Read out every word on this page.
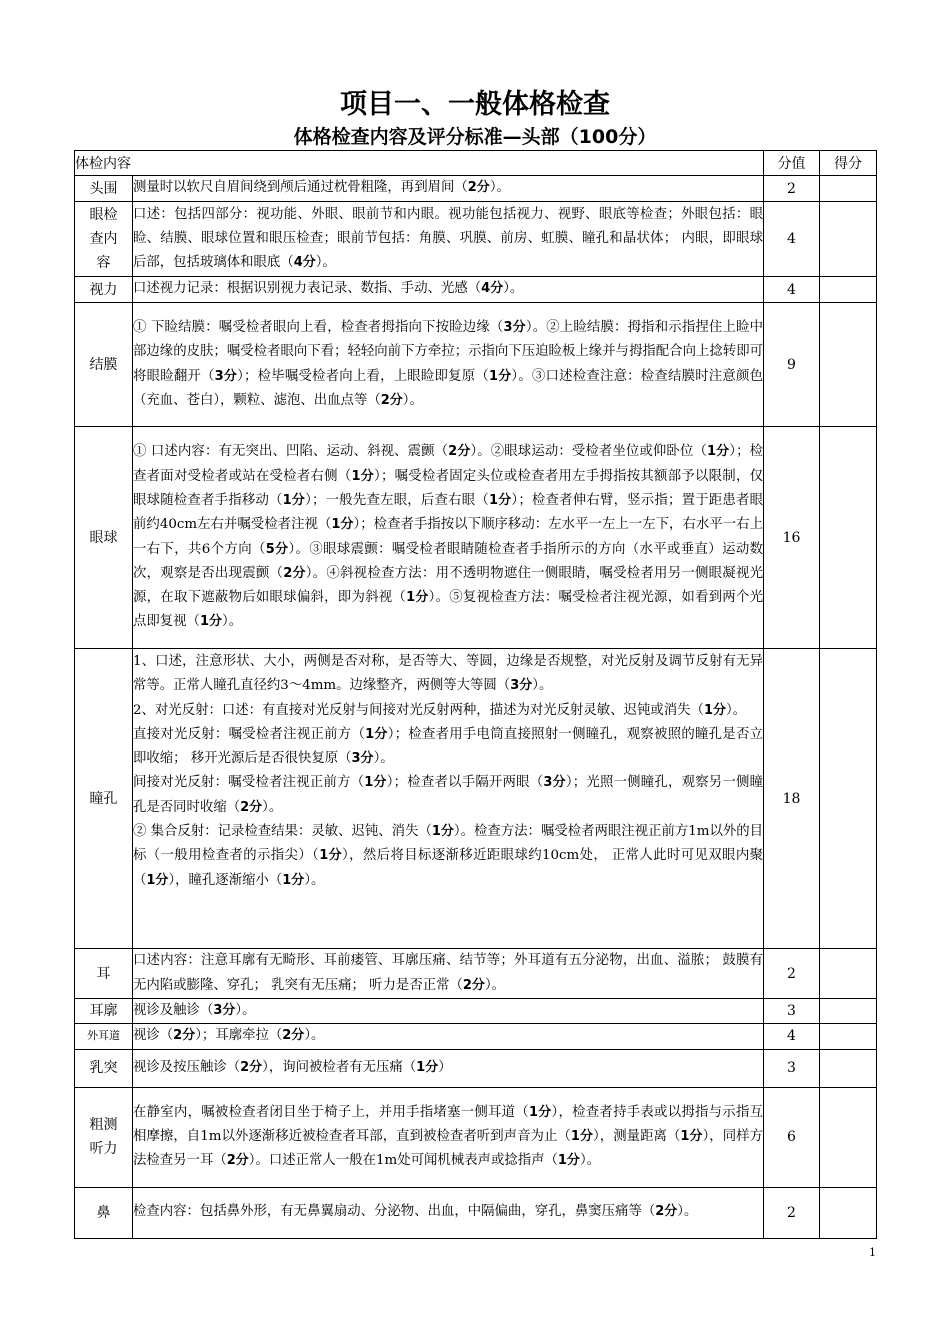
项目一、一般体格检查
体格检查内容及评分标准—头部（100分）
体检内容		分值	得分
头围	测量时以软尺自眉间绕到颅后通过枕骨粗隆，再到眉间（2分）。	2	
眼检查内容	口述：包括四部分：视功能、外眼、眼前节和内眼。视功能包括视力、视野、眼底等检查；外眼包括：眼睑、结膜、眼球位置和眼压检查；眼前节包括：角膜、巩膜、前房、虹膜、瞳孔和晶状体； 内眼，即眼球后部，包括玻璃体和眼底（4分）。	4	
视力	口述视力记录：根据识别视力表记录、数指、手动、光感（4分）。	4	
结膜	① 下睑结膜：嘱受检者眼向上看，检查者拇指向下按睑边缘（3分）。②上睑结膜：拇指和示指捏住上睑中部边缘的皮肤；嘱受检者眼向下看；轻轻向前下方牵拉；示指向下压迫睑板上缘并与拇指配合向上捻转即可将眼睑翻开（3分）；检毕嘱受检者向上看，上眼睑即复原（1分）。③口述检查注意：检查结膜时注意颜色（充血、苍白），颗粒、滤泡、出血点等（2分）。	9	
眼球	① 口述内容：有无突出、凹陷、运动、斜视、震颤（2分）。②眼球运动：受检者坐位或仰卧位（1分）；检查者面对受检者或站在受检者右侧（1分）；嘱受检者固定头位或检查者用左手拇指按其额部予以限制，仅眼球随检查者手指移动（1分）；一般先查左眼，后查右眼（1分）；检查者伸右臂，竖示指；置于距患者眼前约40cm左右并嘱受检者注视（1分）；检查者手指按以下顺序移动：左水平一左上一左下，右水平一右上一右下，共6个方向（5分）。③眼球震颤：嘱受检者眼睛随检查者手指所示的方向（水平或垂直）运动数次，观察是否出现震颤（2分）。④斜视检查方法：用不透明物遮住一侧眼睛，嘱受检者用另一侧眼凝视光源，在取下遮蔽物后如眼球偏斜，即为斜视（1分）。⑤复视检查方法：嘱受检者注视光源，如看到两个光点即复视（1分）。	16	
瞳孔	1、口述，注意形状、大小，两侧是否对称，是否等大、等圆，边缘是否规整，对光反射及调节反射有无异常等。正常人瞳孔直径约3～4mm。边缘整齐，两侧等大等圆（3分）。

2、对光反射：口述：有直接对光反射与间接对光反射两种，描述为对光反射灵敏、迟钝或消失（1分）。

直接对光反射：嘱受检者注视正前方（1分）；检查者用手电筒直接照射一侧瞳孔，观察被照的瞳孔是否立即收缩； 移开光源后是否很快复原（3分）。

间接对光反射：嘱受检者注视正前方（1分）；检查者以手隔开两眼（3分）；光照一侧瞳孔，观察另一侧瞳孔是否同时收缩（2分）。

② 集合反射：记录检查结果：灵敏、迟钝、消失（1分）。检查方法：嘱受检者两眼注视正前方1m以外的目标（一般用检查者的示指尖）（1分），然后将目标逐渐移近距眼球约10cm处， 正常人此时可见双眼内聚（1分），瞳孔逐渐缩小（1分）。	18	
耳	口述内容：注意耳廓有无畸形、耳前瘘管、耳廓压痛、结节等；外耳道有五分泌物，出血、溢脓； 鼓膜有无内陷或膨隆、穿孔； 乳突有无压痛； 听力是否正常（2分）。	2	
耳廓	视诊及触诊（3分）。	3	
外耳道	视诊（2分）；耳廓牵拉（2分）。	4	
乳突	视诊及按压触诊（2分），询问被检者有无压痛（1分）	3	
粗测听力	在静室内，嘱被检查者闭目坐于椅子上，并用手指堵塞一侧耳道（1分），检查者持手表或以拇指与示指互相摩擦，自1m以外逐渐移近被检查者耳部，直到被检查者听到声音为止（1分），测量距离（1分），同样方法检查另一耳（2分）。口述正常人一般在1m处可闻机械表声或捻指声（1分）。	6	
鼻	检查内容：包括鼻外形，有无鼻翼扇动、分泌物、出血，中隔偏曲，穿孔，鼻窦压痛等（2分）。	2	
1
